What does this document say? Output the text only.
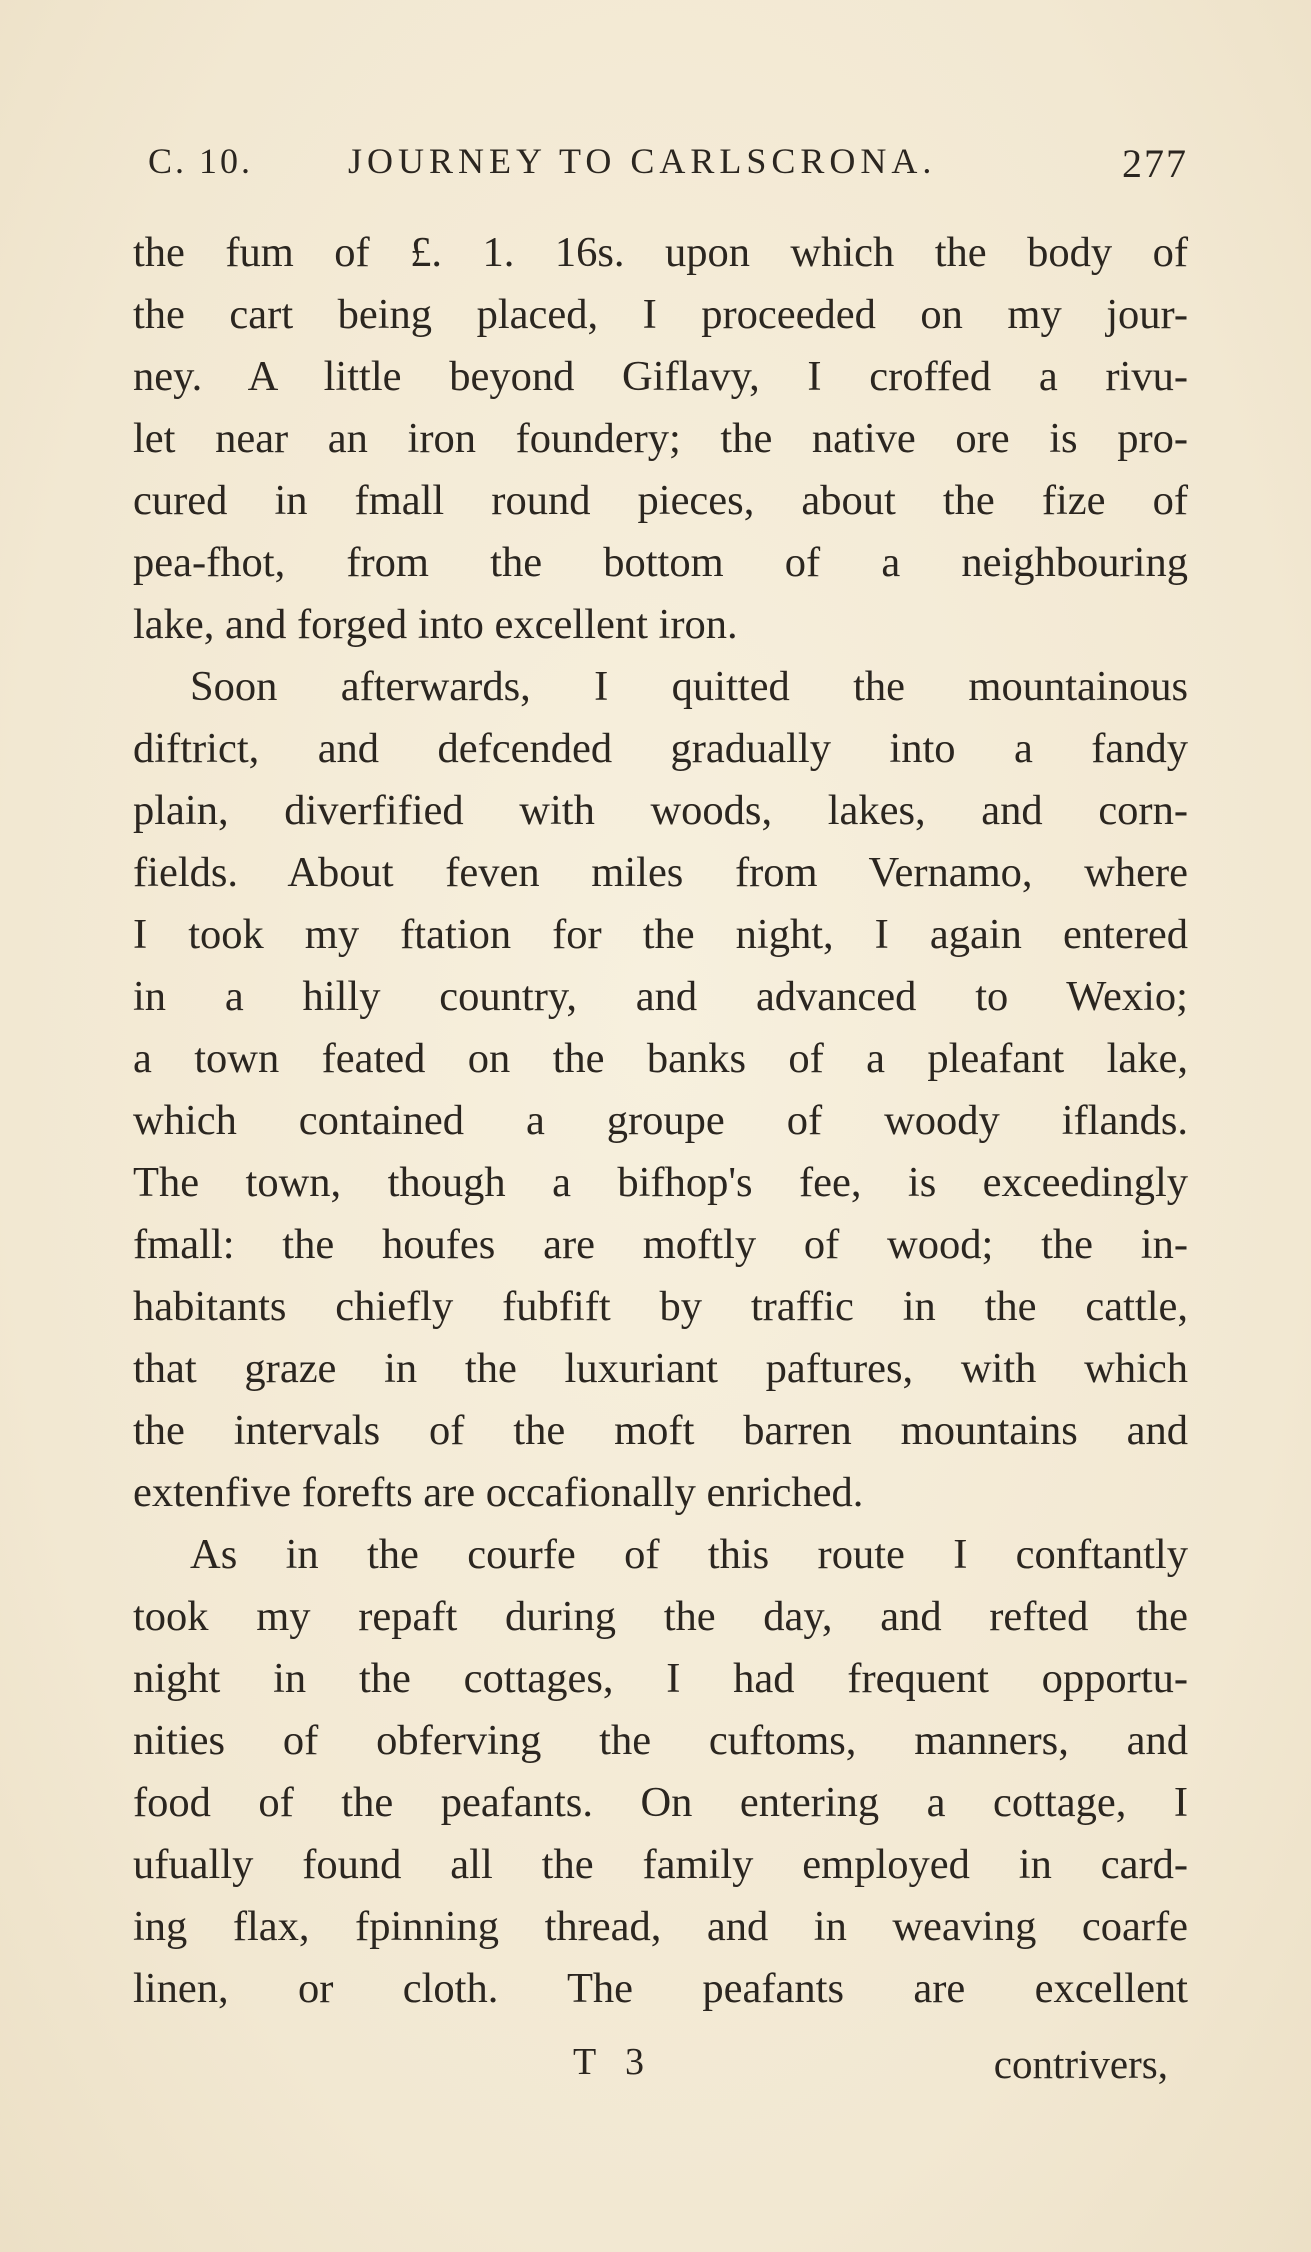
C. 10.	JOURNEY TO CARLSCRONA.	277
the fum of £. 1. 16s. upon which the body of
the cart being placed, I proceeded on my jour-
ney. A little beyond Giflavy, I croffed a rivu-
let near an iron foundery; the native ore is pro-
cured in fmall round pieces, about the fize of
pea-fhot, from the bottom of a neighbouring
lake, and forged into excellent iron.
Soon afterwards, I quitted the mountainous
diftrict, and defcended gradually into a fandy
plain, diverfified with woods, lakes, and corn-
fields. About feven miles from Vernamo, where
I took my ftation for the night, I again entered
in a hilly country, and advanced to Wexio;
a town feated on the banks of a pleafant lake,
which contained a groupe of woody iflands.
The town, though a bifhop's fee, is exceedingly
fmall: the houfes are moftly of wood; the in-
habitants chiefly fubfift by traffic in the cattle,
that graze in the luxuriant paftures, with which
the intervals of the moft barren mountains and
extenfive forefts are occafionally enriched.
As in the courfe of this route I conftantly
took my repaft during the day, and refted the
night in the cottages, I had frequent opportu-
nities of obferving the cuftoms, manners, and
food of the peafants. On entering a cottage, I
ufually found all the family employed in card-
ing flax, fpinning thread, and in weaving coarfe
linen, or cloth. The peafants are excellent
T 3	contrivers,
